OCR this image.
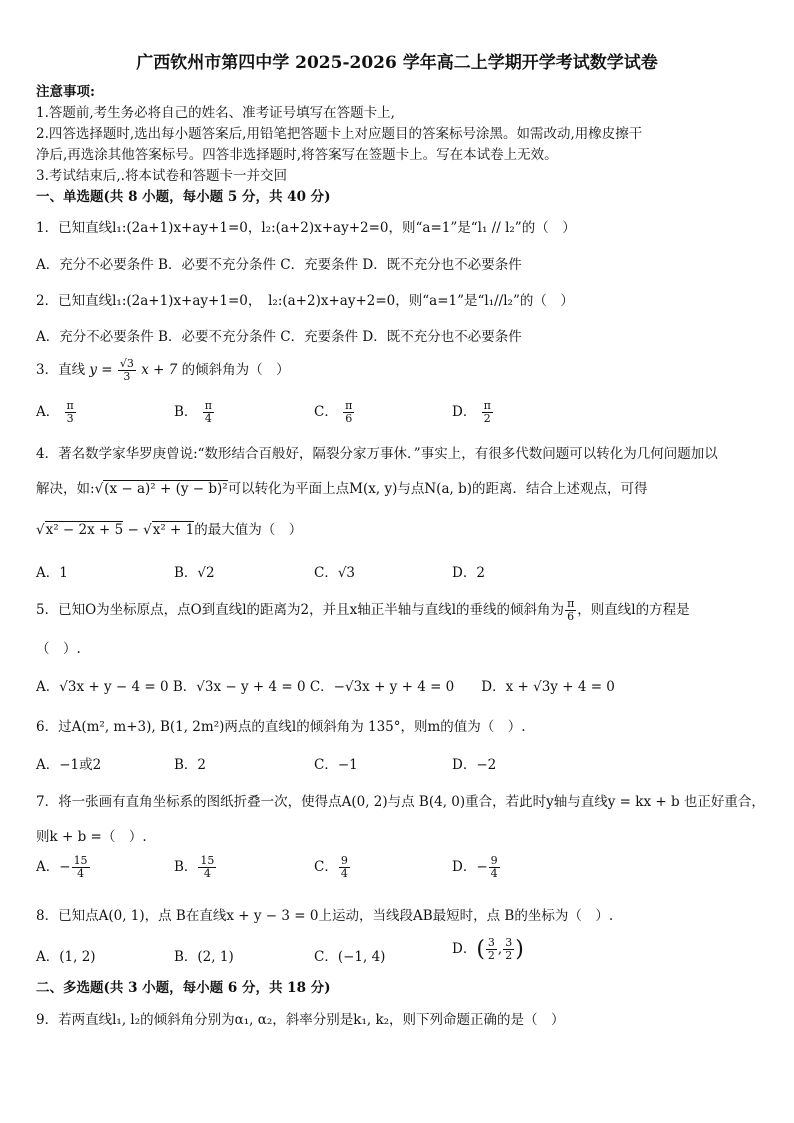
广西钦州市第四中学 2025-2026 学年高二上学期开学考试数学试卷
注意事项:
1.答题前,考生务必将自己的姓名、准考证号填写在答题卡上,
2.四答选择题时,选出每小题答案后,用铅笔把答题卡上对应题目的答案标号涂黑。如需改动,用橡皮擦干
净后,再选涂其他答案标号。四答非选择题时,将答案写在签题卡上。写在本试卷上无效。
3.考试结束后,.将本试卷和答题卡一并交回
一、单选题(共 8 小题，每小题 5 分，共 40 分)
1．已知直线l₁:(2a+1)x+ay+1=0，l₂:(a+2)x+ay+2=0，则“a=1”是“l₁ // l₂”的（　）
A．充分不必要条件 B．必要不充分条件 C．充要条件 D．既不充分也不必要条件
2．已知直线l₁:(2a+1)x+ay+1=0，　l₂:(a+2)x+ay+2=0，则“a=1”是“l₁//l₂”的（　）
A．充分不必要条件 B．必要不充分条件 C．充要条件 D．既不充分也不必要条件
3．直线 $y = \frac{√3}{3}$ x + 7 的倾斜角为（　）
A． $\frac{\pi}{3}$	B． $\frac{\pi}{4}$	C． $\frac{\pi}{6}$	D． $\frac{\pi}{2}$
4．著名数学家华罗庚曾说:“数形结合百般好，隔裂分家万事休．”事实上，有很多代数问题可以转化为几何问题加以
解决，如:√(x − a)² + (y − b)²可以转化为平面上点M(x, y)与点N(a, b)的距离．结合上述观点，可得
√x² − 2x + 5 − √x² + 1的最大值为（　）
A．1	B．√2	C．√3	D．2
5．已知O为坐标原点，点O到直线l的距离为2，并且x轴正半轴与直线l的垂线的倾斜角为 $\frac{\pi}{6}$ ，则直线l的方程是
（　）.
A．√3x + y − 4 = 0 B．√3x − y + 4 = 0 C．−√3x + y + 4 = 0　　D．x + √3y + 4 = 0
6．过A(m², m+3), B(1, 2m²)两点的直线l的倾斜角为 135°，则m的值为（　）.
A．−1或2	B．2	C．−1	D．−2
7．将一张画有直角坐标系的图纸折叠一次，使得点A(0, 2)与点 B(4, 0)重合，若此时y轴与直线y = kx + b 也正好重合，
则k + b =（　）.
A．− $\frac{15}{4}$	B． $\frac{15}{4}$	C． $\frac{9}{4}$	D．− $\frac{9}{4}$
8．已知点A(0, 1)，点 B在直线x + y − 3 = 0上运动，当线段AB最短时，点 B的坐标为（　）.
A．(1, 2)	B．(2, 1)	C．(−1, 4)	D．( $\frac{3}{2}$ , $\frac{3}{2}$ )
二、多选题(共 3 小题，每小题 6 分，共 18 分)
9．若两直线l₁, l₂的倾斜角分别为α₁, α₂，斜率分别是k₁, k₂，则下列命题正确的是（　）
